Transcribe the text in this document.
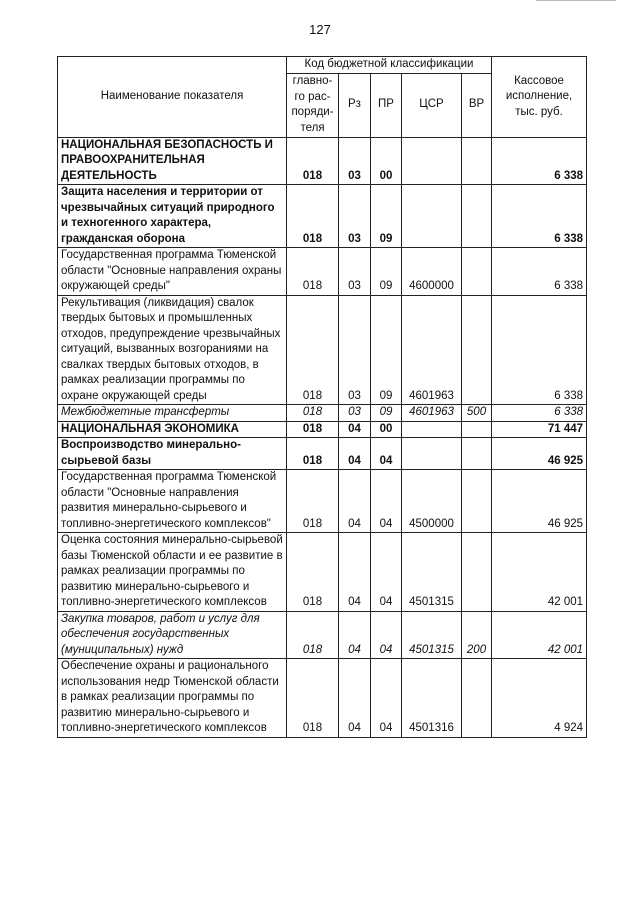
127
Наименование показателя	Код бюджетной классификации					Кассовое исполнение, тыс. руб.
	главно-го рас-поряди-теля	Рз	ПР	ЦСР	ВР	
НАЦИОНАЛЬНАЯ БЕЗОПАСНОСТЬ И ПРАВООХРАНИТЕЛЬНАЯ ДЕЯТЕЛЬНОСТЬ	018	03	00			6 338
Защита населения и территории от чрезвычайных ситуаций природного и техногенного характера, гражданская оборона	018	03	09			6 338
Государственная программа Тюменской области "Основные направления охраны окружающей среды"	018	03	09	4600000		6 338
Рекультивация (ликвидация) свалок твердых бытовых и промышленных отходов, предупреждение чрезвычайных ситуаций, вызванных возгораниями на свалках твердых бытовых отходов, в рамках реализации программы по охране окружающей среды	018	03	09	4601963		6 338
Межбюджетные трансферты	018	03	09	4601963	500	6 338
НАЦИОНАЛЬНАЯ ЭКОНОМИКА	018	04	00			71 447
Воспроизводство минерально-сырьевой базы	018	04	04			46 925
Государственная программа Тюменской области "Основные направления развития минерально-сырьевого и топливно-энергетического комплексов"	018	04	04	4500000		46 925
Оценка состояния минерально-сырьевой базы Тюменской области и ее развитие в рамках реализации программы по развитию минерально-сырьевого и топливно-энергетического комплексов	018	04	04	4501315		42 001
Закупка товаров, работ и услуг для обеспечения государственных (муниципальных) нужд	018	04	04	4501315	200	42 001
Обеспечение охраны и рационального использования недр Тюменской области в рамках реализации программы по развитию минерально-сырьевого и топливно-энергетического комплексов	018	04	04	4501316		4 924
